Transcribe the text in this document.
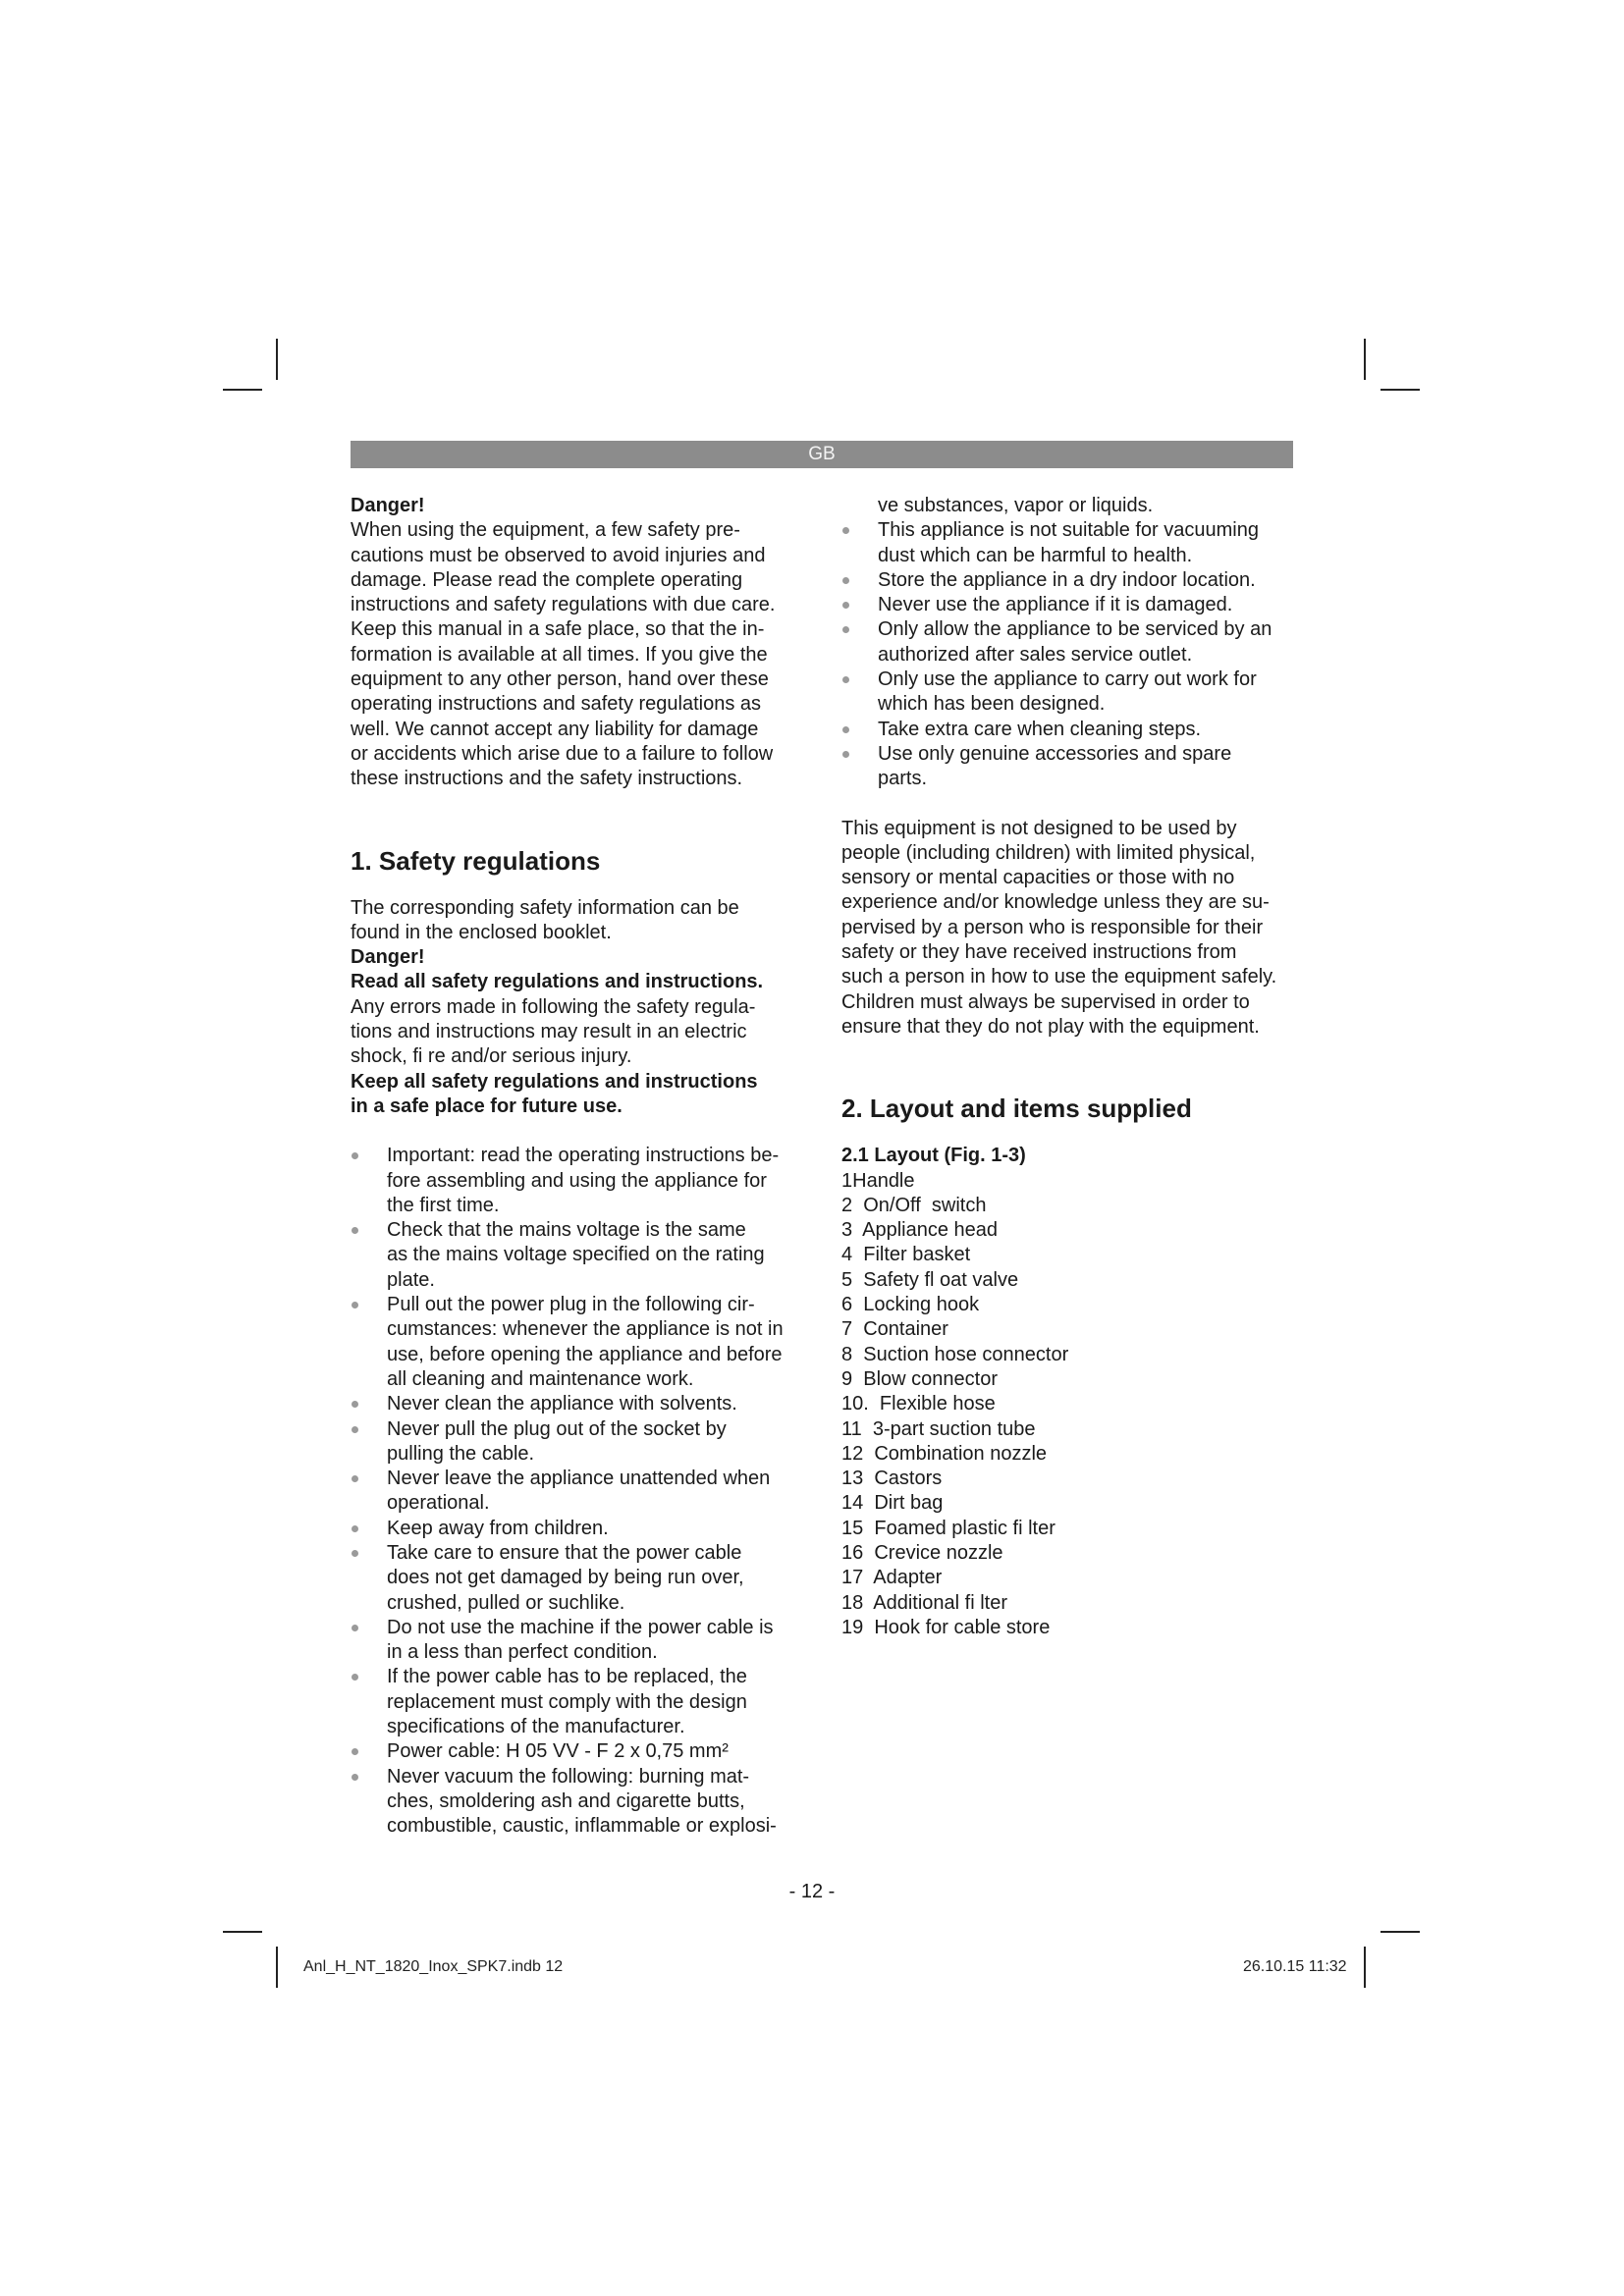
GB

Danger!

When using the equipment, a few safety pre-

cautions must be observed to avoid injuries and

damage. Please read the complete operating

instructions and safety regulations with due care.

Keep this manual in a safe place, so that the in-

formation is available at all times. If you give the

equipment to any other person, hand over these

operating instructions and safety regulations as

well. We cannot accept any liability for damage

or accidents which arise due to a failure to follow

these instructions and the safety instructions.

1. Safety regulations

The corresponding safety information can be

found in the enclosed booklet.

Danger!

Read all safety regulations and instructions.

Any errors made in following the safety regula-

tions and instructions may result in an electric

shock, fi re and/or serious injury.

Keep all safety regulations and instructions

in a safe place for future use.

Important: read the operating instructions be-
fore assembling and using the appliance for
the first time.
Check that the mains voltage is the same
as the mains voltage specified on the rating
plate.
Pull out the power plug in the following cir-
cumstances: whenever the appliance is not in
use, before opening the appliance and before
all cleaning and maintenance work.
Never clean the appliance with solvents.
Never pull the plug out of the socket by
pulling the cable.
Never leave the appliance unattended when
operational.
Keep away from children.
Take care to ensure that the power cable
does not get damaged by being run over,
crushed, pulled or suchlike.
Do not use the machine if the power cable is
in a less than perfect condition.
If the power cable has to be replaced, the
replacement must comply with the design
specifications of the manufacturer.
Power cable: H 05 VV - F 2 x 0,75 mm²
Never vacuum the following: burning mat-
ches, smoldering ash and cigarette butts,
combustible, caustic, inflammable or explosi-

ve substances, vapor or liquids.

This appliance is not suitable for vacuuming
dust which can be harmful to health.
Store the appliance in a dry indoor location.
Never use the appliance if it is damaged.
Only allow the appliance to be serviced by an
authorized after sales service outlet.
Only use the appliance to carry out work for
which has been designed.
Take extra care when cleaning steps.
Use only genuine accessories and spare
parts.

This equipment is not designed to be used by

people (including children) with limited physical,

sensory or mental capacities or those with no

experience and/or knowledge unless they are su-

pervised by a person who is responsible for their

safety or they have received instructions from

such a person in how to use the equipment safely.

Children must always be supervised in order to

ensure that they do not play with the equipment.

2. Layout and items supplied

2.1 Layout (Fig. 1-3)

1Handle
2  On/Off  switch
3  Appliance head
4  Filter basket
5  Safety fl oat valve
6  Locking hook
7  Container
8  Suction hose connector
9  Blow connector
10.  Flexible hose
11  3-part suction tube
12  Combination nozzle
13  Castors
14  Dirt bag
15  Foamed plastic fi lter
16  Crevice nozzle
17  Adapter
18  Additional fi lter
19  Hook for cable store
- 12 -
Anl_H_NT_1820_Inox_SPK7.indb 12	26.10.15 11:32
